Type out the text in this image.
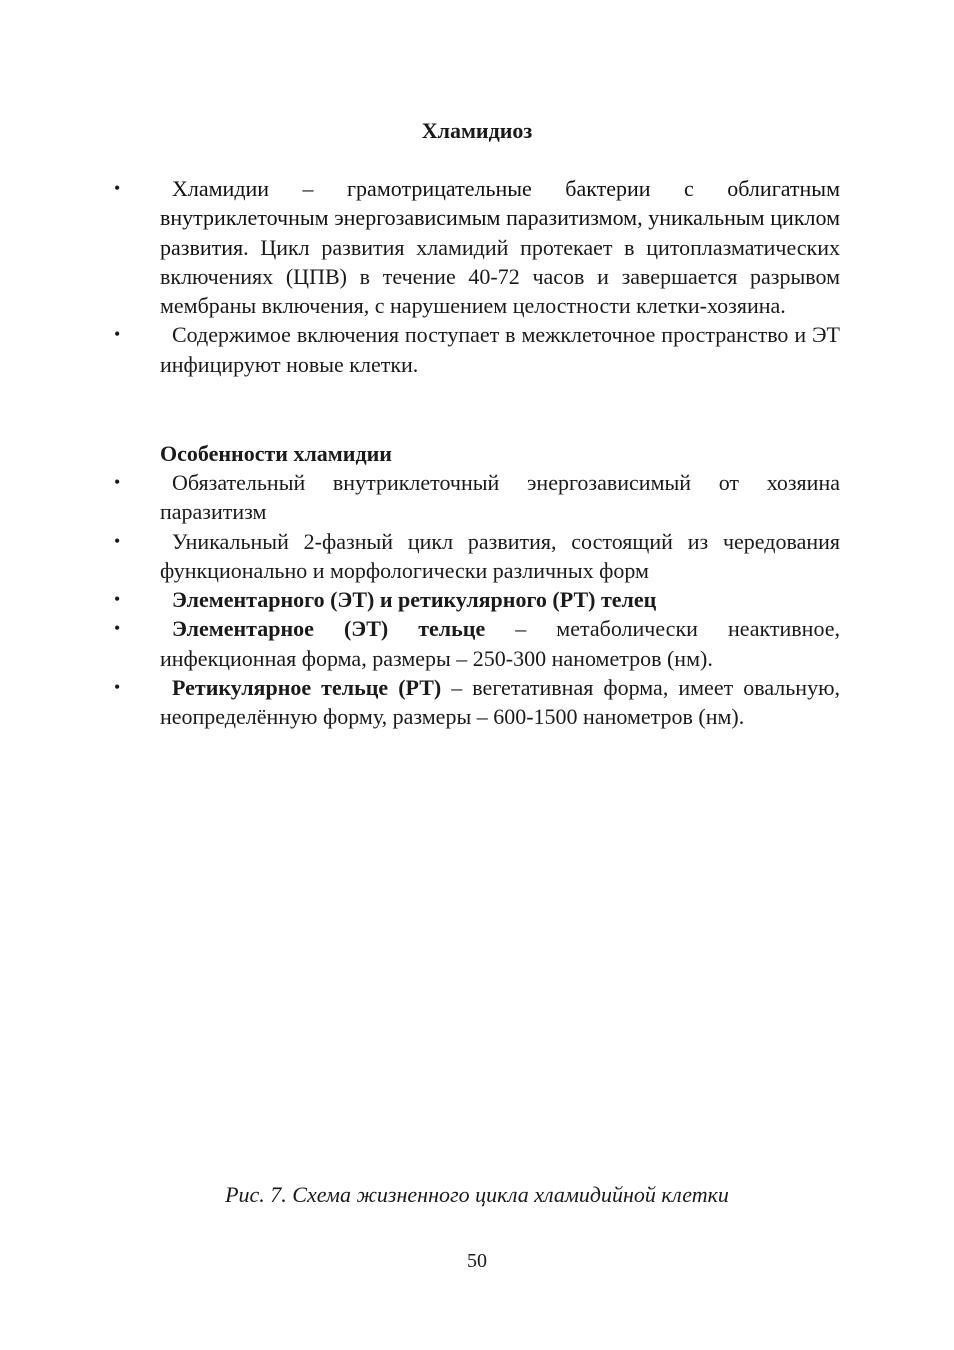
Хламидиоз
• Хламидии – грамотрицательные бактерии с облигатным внутриклеточным энергозависимым паразитизмом, уникальным циклом развития. Цикл развития хламидий протекает в цитоплазматических включениях (ЦПВ) в течение 40-72 часов и завершается разрывом мембраны включения, с нарушением целостности клетки-хозяина.
• Содержимое включения поступает в межклеточное пространство и ЭТ инфицируют новые клетки.
Особенности хламидии
• Обязательный внутриклеточный энергозависимый от хозяина паразитизм
• Уникальный 2-фазный цикл развития, состоящий из чередования функционально и морфологически различных форм
• Элементарного (ЭТ) и ретикулярного (РТ) телец
• Элементарное (ЭТ) тельце – метаболически неактивное, инфекционная форма, размеры – 250-300 нанометров (нм).
• Ретикулярное тельце (РТ) – вегетативная форма, имеет овальную, неопределённую форму, размеры – 600-1500 нанометров (нм).
Рис. 7. Схема жизненного цикла хламидийной клетки
50
